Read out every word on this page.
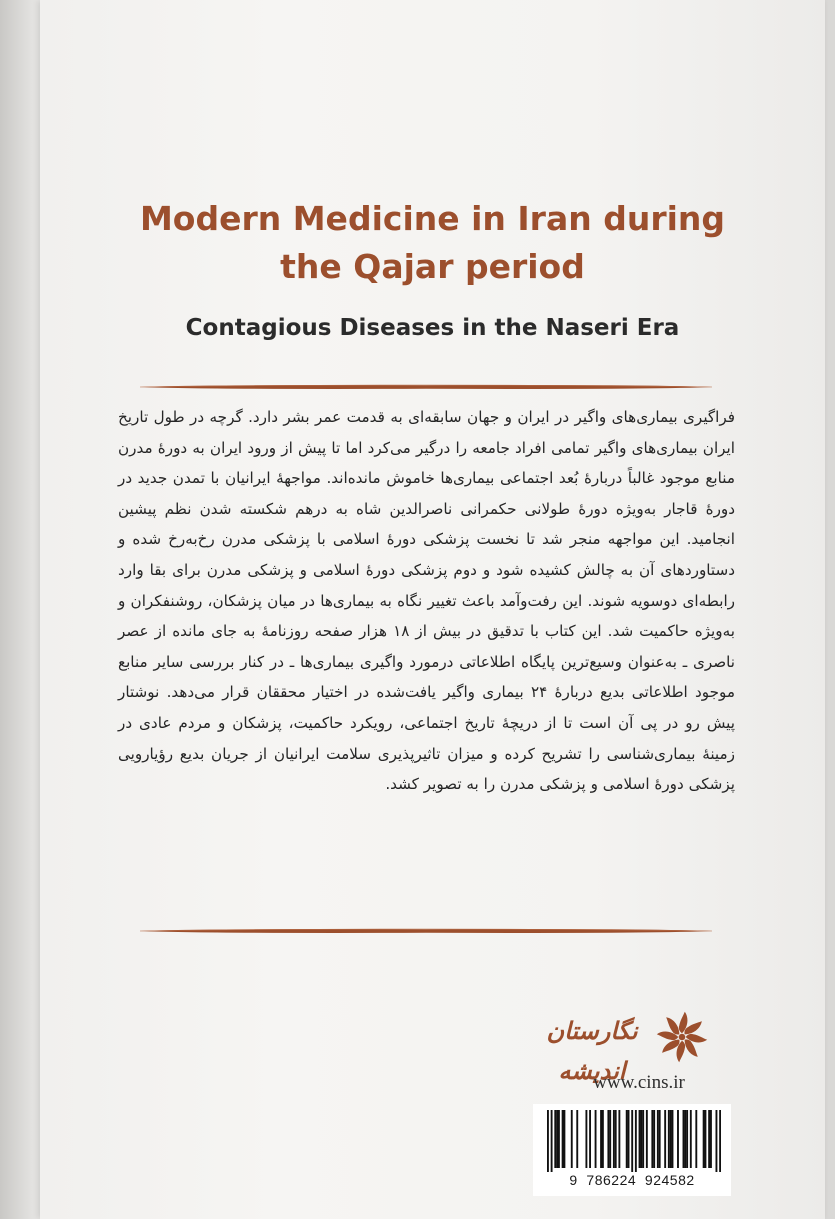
Modern Medicine in Iran during
the Qajar period
Contagious Diseases in the Naseri Era

فراگیری بیماری‌های واگیر در ایران و جهان سابقه‌ای به قدمت عمر بشر دارد. گرچه در طول تاریخ ایران بیماری‌های واگیر تمامی افراد جامعه را درگیر می‌کرد اما تا پیش از ورود ایران به دورهٔ مدرن منابع موجود غالباً دربارهٔ بُعد اجتماعی بیماری‌ها خاموش مانده‌اند. مواجههٔ ایرانیان با تمدن جدید در دورهٔ قاجار به‌ویژه دورهٔ طولانی حکمرانی ناصرالدین شاه به درهم شکسته شدن نظم پیشین انجامید. این مواجهه منجر شد تا نخست پزشکی دورهٔ اسلامی با پزشکی مدرن رخ‌به‌رخ شده و دستاوردهای آن به چالش کشیده شود و دوم پزشکی دورهٔ اسلامی و پزشکی مدرن برای بقا وارد رابطه‌ای دوسویه شوند. این رفت‌وآمد باعث تغییر نگاه به بیماری‌ها در میان پزشکان، روشنفکران و به‌ویژه حاکمیت شد. این کتاب با تدقیق در بیش از ۱۸ هزار صفحه روزنامهٔ به جای مانده از عصر ناصری ـ به‌عنوان وسیع‌ترین پایگاه اطلاعاتی درمورد واگیری بیماری‌ها ـ در کنار بررسی سایر منابع موجود اطلاعاتی بدیع دربارهٔ ۲۴ بیماری واگیر یافت‌شده در اختیار محققان قرار می‌دهد. نوشتار پیش رو در پی آن است تا از دریچهٔ تاریخ اجتماعی، رویکرد حاکمیت، پزشکان و مردم عادی در زمینهٔ بیماری‌شناسی را تشریح کرده و میزان تاثیرپذیری سلامت ایرانیان از جریان بدیع رؤیارویی پزشکی دورهٔ اسلامی و پزشکی مدرن را به تصویر کشد.

نگارستان اندیشه
www.cins.ir
9  786224  924582
